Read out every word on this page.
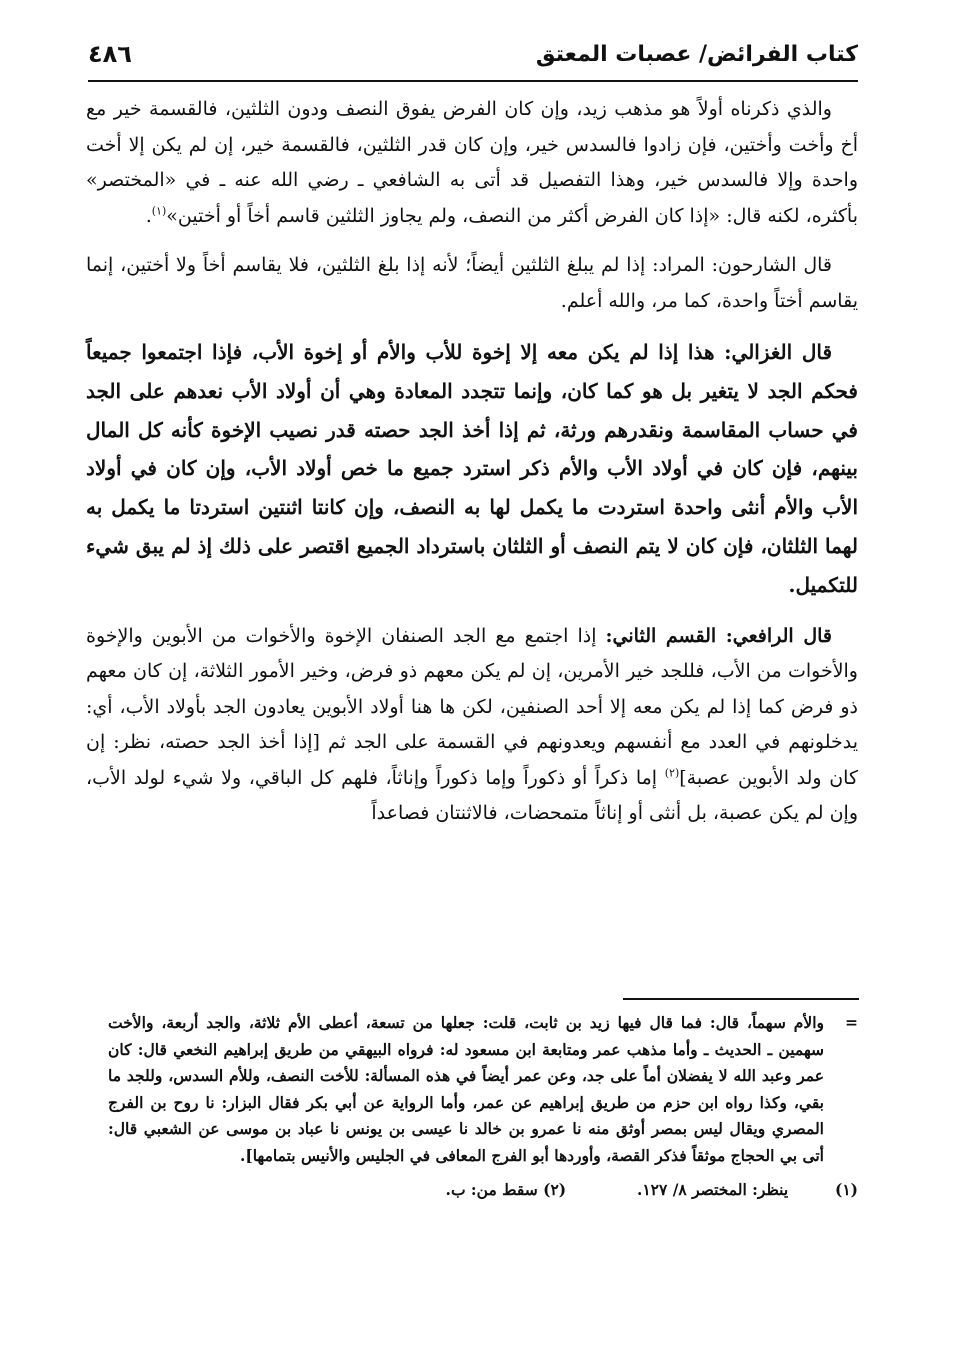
كتاب الفرائض/ عصبات المعتق
٤٨٦

والذي ذكرناه أولاً هو مذهب زيد، وإن كان الفرض يفوق النصف ودون الثلثين، فالقسمة خير مع أخ وأخت وأختين، فإن زادوا فالسدس خير، وإن كان قدر الثلثين، فالقسمة خير، إن لم يكن إلا أخت واحدة وإلا فالسدس خير، وهذا التفصيل قد أتى به الشافعي ـ رضي الله عنه ـ في «المختصر» بأكثره، لكنه قال: «إذا كان الفرض أكثر من النصف، ولم يجاوز الثلثين قاسم أخاً أو أختين»$^{(١)}$.

قال الشارحون: المراد: إذا لم يبلغ الثلثين أيضاً؛ لأنه إذا بلغ الثلثين، فلا يقاسم أخاً ولا أختين، إنما يقاسم أختاً واحدة، كما مر، والله أعلم.

قال الغزالي: هذا إذا لم يكن معه إلا إخوة للأب والأم أو إخوة الأب، فإذا اجتمعوا جميعاً فحكم الجد لا يتغير بل هو كما كان، وإنما تتجدد المعادة وهي أن أولاد الأب نعدهم على الجد في حساب المقاسمة ونقدرهم ورثة، ثم إذا أخذ الجد حصته قدر نصيب الإخوة كأنه كل المال بينهم، فإن كان في أولاد الأب والأم ذكر استرد جميع ما خص أولاد الأب، وإن كان في أولاد الأب والأم أنثى واحدة استردت ما يكمل لها به النصف، وإن كانتا اثنتين استردتا ما يكمل به لهما الثلثان، فإن كان لا يتم النصف أو الثلثان باسترداد الجميع اقتصر على ذلك إذ لم يبق شيء للتكميل.

قال الرافعي: القسم الثاني: إذا اجتمع مع الجد الصنفان الإخوة والأخوات من الأبوين والإخوة والأخوات من الأب، فللجد خير الأمرين، إن لم يكن معهم ذو فرض، وخير الأمور الثلاثة، إن كان معهم ذو فرض كما إذا لم يكن معه إلا أحد الصنفين، لكن ها هنا أولاد الأبوين يعادون الجد بأولاد الأب، أي: يدخلونهم في العدد مع أنفسهم ويعدونهم في القسمة على الجد ثم [إذا أخذ الجد حصته، نظر: إن كان ولد الأبوين عصبة]$^{(٢)}$ إما ذكراً أو ذكوراً وإما ذكوراً وإناثاً، فلهم كل الباقي، ولا شيء لولد الأب، وإن لم يكن عصبة، بل أنثى أو إناثاً متمحضات، فالاثنتان فصاعداً

=
والأم سهماً، قال: فما قال فيها زيد بن ثابت، قلت: جعلها من تسعة، أعطى الأم ثلاثة، والجد أربعة، والأخت سهمين ـ الحديث ـ وأما مذهب عمر ومتابعة ابن مسعود له: فرواه البيهقي من طريق إبراهيم النخعي قال: كان عمر وعبد الله لا يفضلان أماً على جد، وعن عمر أيضاً في هذه المسألة: للأخت النصف، وللأم السدس، وللجد ما بقي، وكذا رواه ابن حزم من طريق إبراهيم عن عمر، وأما الرواية عن أبي بكر فقال البزار: نا روح بن الفرج المصري ويقال ليس بمصر أوثق منه نا عمرو بن خالد نا عيسى بن يونس نا عباد بن موسى عن الشعبي قال: أتى بي الحجاج موثقاً فذكر القصة، وأوردها أبو الفرج المعافى في الجليس والأنيس بتمامها].
(١)  ينظر: المختصر ٨/ ١٢٧.  (٢) سقط من: ب.
